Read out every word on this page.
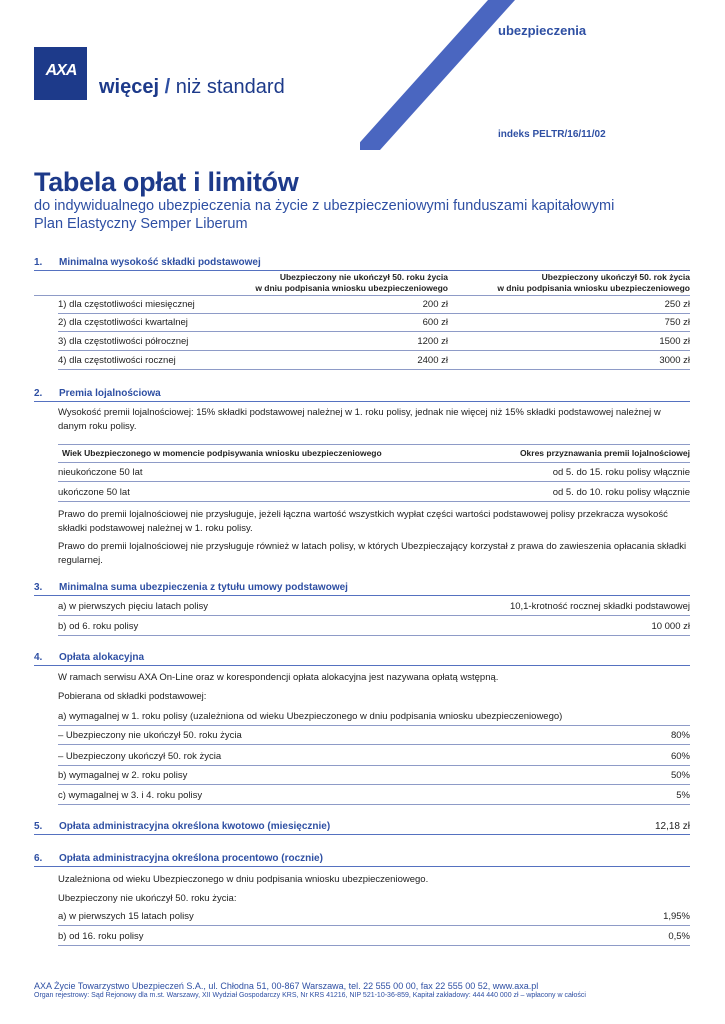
AXA
więcej / niż standard
ubezpieczenia
indeks PELTR/16/11/02
Tabela opłat i limitów
do indywidualnego ubezpieczenia na życie z ubezpieczeniowymi funduszami kapitałowymi
Plan Elastyczny Semper Liberum
1. Minimalna wysokość składki podstawowej
Ubezpieczony nie ukończył 50. roku życia
w dniu podpisania wniosku ubezpieczeniowego
Ubezpieczony ukończył 50. rok życia
w dniu podpisania wniosku ubezpieczeniowego
1) dla częstotliwości miesięcznej	200 zł	250 zł
2) dla częstotliwości kwartalnej	600 zł	750 zł
3) dla częstotliwości półrocznej	1200 zł	1500 zł
4) dla częstotliwości rocznej	2400 zł	3000 zł
2. Premia lojalnościowa
Wysokość premii lojalnościowej: 15% składki podstawowej należnej w 1. roku polisy, jednak nie więcej niż 15% składki podstawowej należnej w danym roku polisy.
Wiek Ubezpieczonego w momencie podpisywania wniosku ubezpieczeniowego	Okres przyznawania premii lojalnościowej
nieukończone 50 lat	od 5. do 15. roku polisy włącznie
ukończone 50 lat	od 5. do 10. roku polisy włącznie
Prawo do premii lojalnościowej nie przysługuje, jeżeli łączna wartość wszystkich wypłat części wartości podstawowej polisy przekracza wysokość składki podstawowej należnej w 1. roku polisy.
Prawo do premii lojalnościowej nie przysługuje również w latach polisy, w których Ubezpieczający korzystał z prawa do zawieszenia opłacania składki regularnej.
3. Minimalna suma ubezpieczenia z tytułu umowy podstawowej
a) w pierwszych pięciu latach polisy	10,1-krotność rocznej składki podstawowej
b) od 6. roku polisy	10 000 zł
4. Opłata alokacyjna
W ramach serwisu AXA On-Line oraz w korespondencji opłata alokacyjna jest nazywana opłatą wstępną.
Pobierana od składki podstawowej:
a) wymagalnej w 1. roku polisy (uzależniona od wieku Ubezpieczonego w dniu podpisania wniosku ubezpieczeniowego)
– Ubezpieczony nie ukończył 50. roku życia	80%
– Ubezpieczony ukończył 50. rok życia	60%
b) wymagalnej w 2. roku polisy	50%
c) wymagalnej w 3. i 4. roku polisy	5%
5. Opłata administracyjna określona kwotowo (miesięcznie)	12,18 zł
6. Opłata administracyjna określona procentowo (rocznie)
Uzależniona od wieku Ubezpieczonego w dniu podpisania wniosku ubezpieczeniowego.
Ubezpieczony nie ukończył 50. roku życia:
a) w pierwszych 15 latach polisy	1,95%
b) od 16. roku polisy	0,5%
AXA Życie Towarzystwo Ubezpieczeń S.A., ul. Chłodna 51, 00-867 Warszawa, tel. 22 555 00 00, fax 22 555 00 52, www.axa.pl
Organ rejestrowy: Sąd Rejonowy dla m.st. Warszawy, XII Wydział Gospodarczy KRS, Nr KRS 41216, NIP 521-10-36-859, Kapitał zakładowy: 444 440 000 zł – wpłacony w całości
